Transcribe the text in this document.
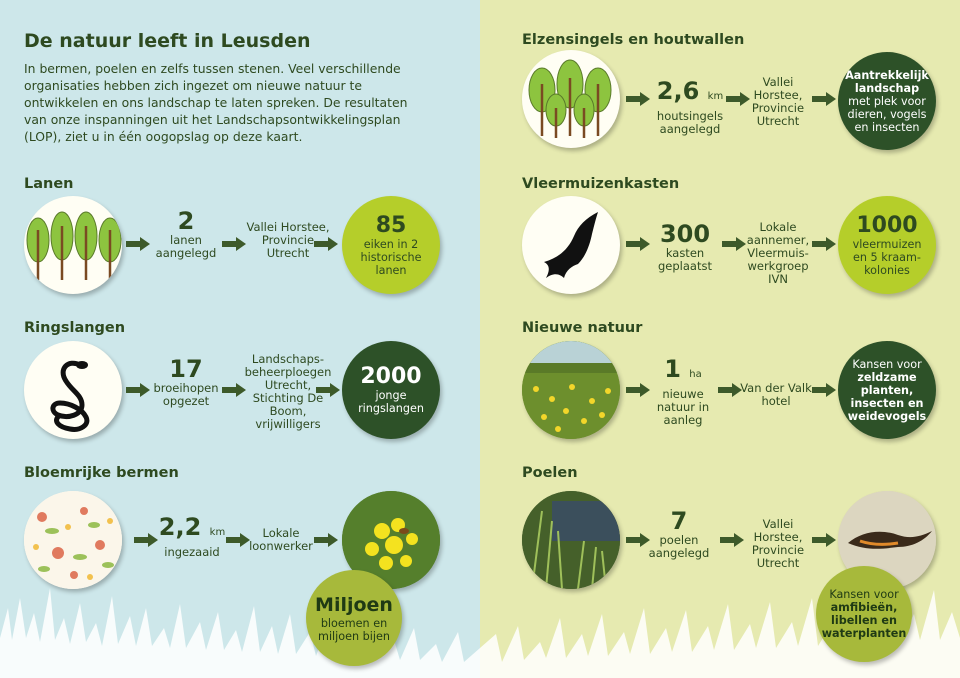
De natuur leeft in Leusden
In bermen, poelen en zelfs tussen stenen. Veel verschillende organisaties hebben zich ingezet om nieuwe natuur te ontwikkelen en ons landschap te laten spreken. De resultaten van onze inspanningen uit het Landschapsontwikkelingsplan (LOP), ziet u in één oogopslag op deze kaart.
Lanen
2
lanen aangelegd
Vallei Horstee, Provincie Utrecht
85
eiken in 2 historische lanen
Ringslangen
17
broeihopen opgezet
Landschaps-beheerploegen Utrecht, Stichting De Boom, vrijwilligers
2000
jonge ringslangen
Bloemrijke bermen
2,2 km
ingezaaid
Lokale loonwerker
Miljoen
bloemen en miljoen bijen
Elzensingels en houtwallen
2,6 km
houtsingels aangelegd
Vallei Horstee, Provincie Utrecht
Aantrekkelijk landschap met plek voor dieren, vogels en insecten
Vleermuizenkasten
300
kasten geplaatst
Lokale aannemer, Vleermuis-werkgroep IVN
1000
vleermuizen en 5 kraam-kolonies
Nieuwe natuur
1 ha
nieuwe natuur in aanleg
Van der Valk hotel
Kansen voor
zeldzame planten, insecten en weidevogels
Poelen
7
poelen aangelegd
Vallei Horstee, Provincie Utrecht
Kansen voor
amfibieën, libellen en waterplanten
